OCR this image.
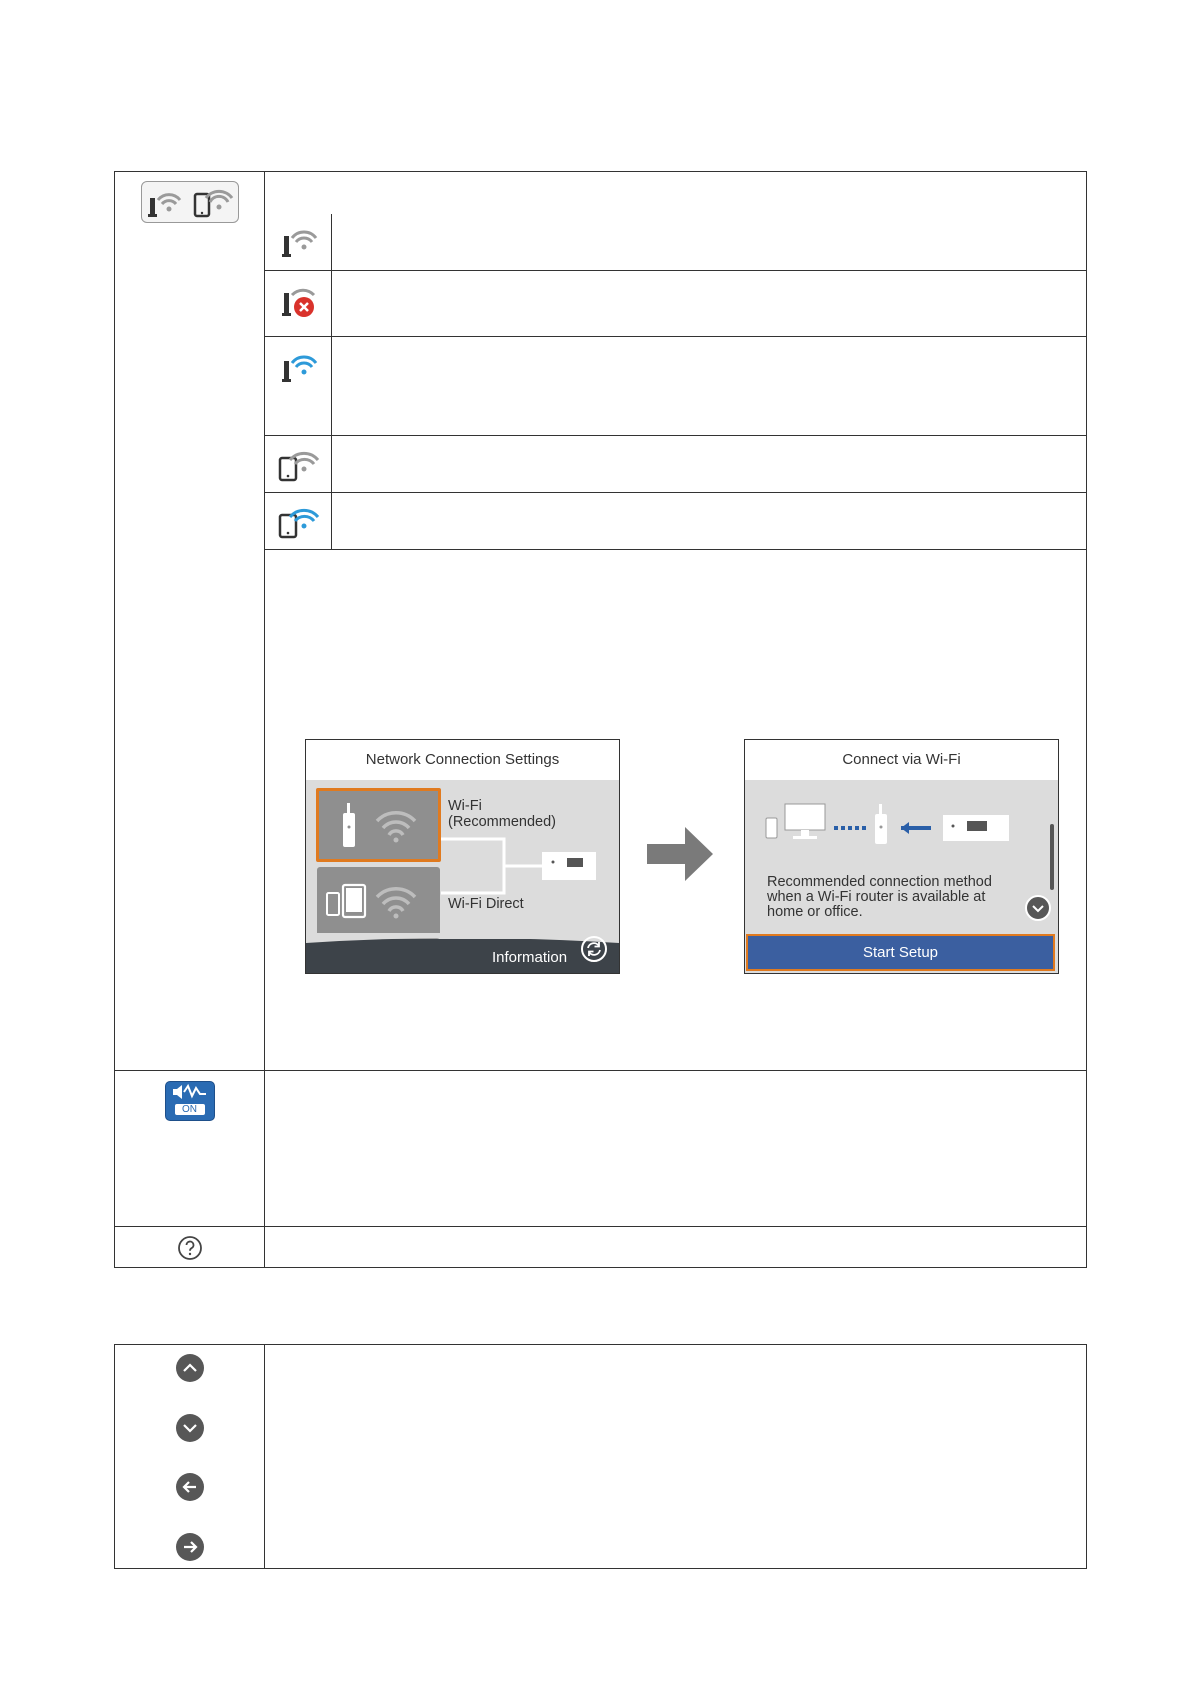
ON

Network Connection Settings
Wi-Fi
(Recommended)
Wi-Fi Direct
Information
Connect via Wi-Fi
Recommended connection method
when a Wi-Fi router is available at
home or office.
Start Setup
